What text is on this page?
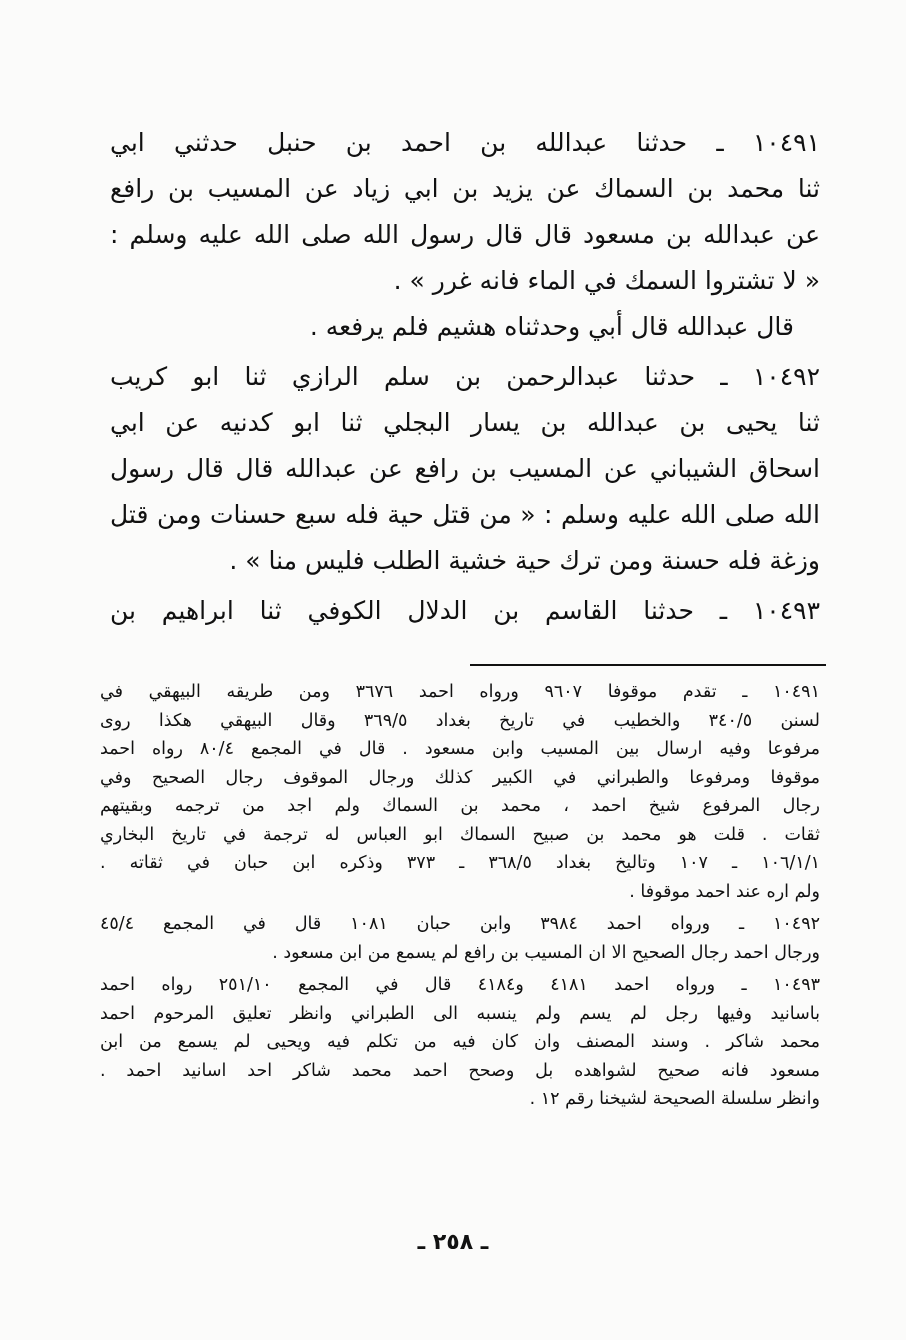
١٠٤٩١ ـ حدثنا عبدالله بن احمد بن حنبل حدثني ابي
ثنا محمد بن السماك عن يزيد بن ابي زياد عن المسيب بن رافع
عن عبدالله بن مسعود قال قال رسول الله صلى الله عليه وسلم :
« لا تشتروا السمك في الماء فانه غرر » .
قال عبدالله قال أبي وحدثناه هشيم فلم يرفعه .
١٠٤٩٢ ـ حدثنا عبدالرحمن بن سلم الرازي ثنا ابو كريب
ثنا يحيى بن عبدالله بن يسار البجلي ثنا ابو كدنيه عن ابي
اسحاق الشيباني عن المسيب بن رافع عن عبدالله قال قال رسول
الله صلى الله عليه وسلم : « من قتل حية فله سبع حسنات ومن قتل
وزغة فله حسنة ومن ترك حية خشية الطلب فليس منا » .
١٠٤٩٣ ـ حدثنا القاسم بن الدلال الكوفي ثنا ابراهيم بن
١٠٤٩١ ـ تقدم موقوفا ٩٦٠٧ ورواه احمد ٣٦٧٦ ومن طريقه البيهقي في
لسنن ٣٤٠/٥ والخطيب في تاريخ بغداد ٣٦٩/٥ وقال البيهقي هكذا روى
مرفوعا وفيه ارسال بين المسيب وابن مسعود . قال في المجمع ٨٠/٤ رواه احمد
موقوفا ومرفوعا والطبراني في الكبير كذلك ورجال الموقوف رجال الصحيح وفي
رجال المرفوع شيخ احمد ، محمد بن السماك ولم اجد من ترجمه وبقيتهم
ثقات . قلت هو محمد بن صبيح السماك ابو العباس له ترجمة في تاريخ البخاري
١٠٦/١/١ ـ ١٠٧ وتاليخ بغداد ٣٦٨/٥ ـ ٣٧٣ وذكره ابن حبان في ثقاته .
ولم اره عند احمد موقوفا .
١٠٤٩٢ ـ ورواه احمد ٣٩٨٤ وابن حبان ١٠٨١ قال في المجمع ٤٥/٤
ورجال احمد رجال الصحيح الا ان المسيب بن رافع لم يسمع من ابن مسعود .
١٠٤٩٣ ـ ورواه احمد ٤١٨١ و٤١٨٤ قال في المجمع ٢٥١/١٠ رواه احمد
باسانيد وفيها رجل لم يسم ولم ينسبه الى الطبراني وانظر تعليق المرحوم احمد
محمد شاكر . وسند المصنف وان كان فيه من تكلم فيه ويحيى لم يسمع من ابن
مسعود فانه صحيح لشواهده بل وصحح احمد محمد شاكر احد اسانيد احمد .
وانظر سلسلة الصحيحة لشيخنا رقم ١٢ .
ـ ٢٥٨ ـ
